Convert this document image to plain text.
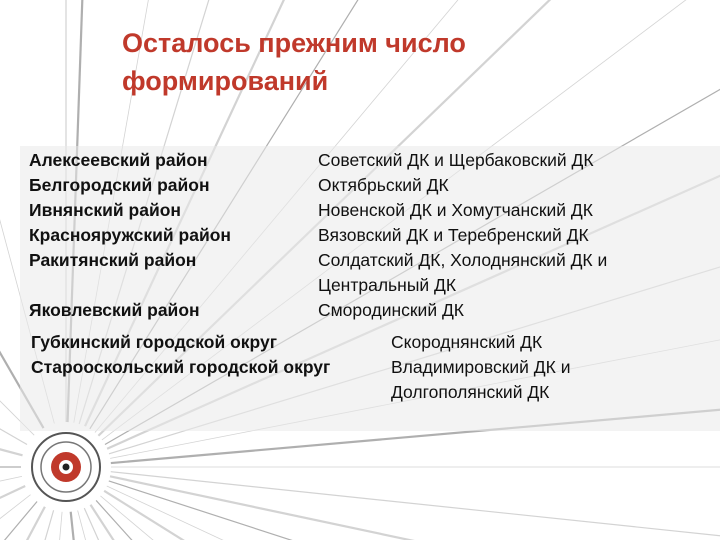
Осталось прежним число
формирований
Алексеевский район
Белгородский район
Ивнянский район
Краснояружский район
Ракитянский район
Яковлевский район
Советский ДК и Щербаковский ДК
Октябрьский ДК
Новенской ДК и Хомутчанский ДК
Вязовский ДК и Теребренский ДК
Солдатский ДК, Холоднянский ДК и
Центральный ДК
Смородинский ДК
Губкинский городской округ
Старооскольский городской округ
Скороднянский ДК
Владимировский ДК и
Долгополянский ДК
